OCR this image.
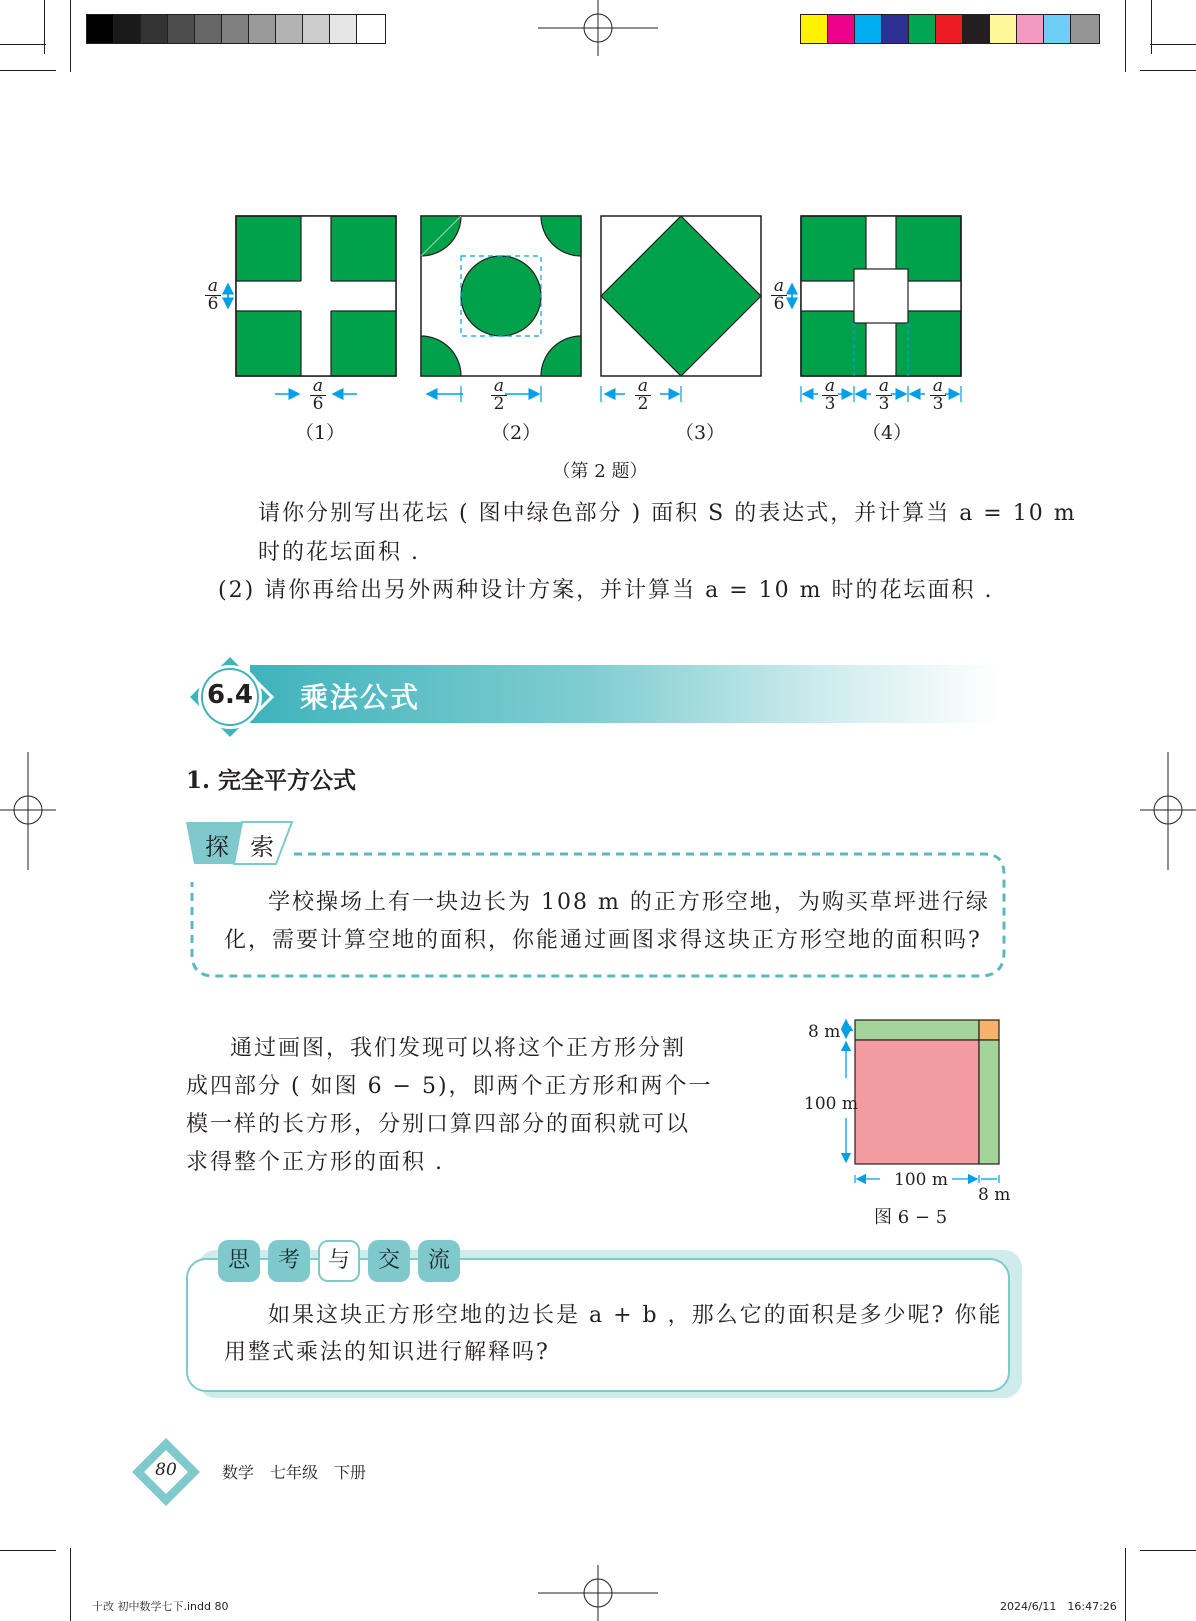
$\frac{a}{6}$
$\frac{a}{6}$	$\frac{a}{2}$	$\frac{a}{2}$
$\frac{a}{6}$
$\frac{a}{3} \frac{a}{3} \frac{a}{3}$
（1）	（2）	（3）	（4）
（第 2 题）
请你分别写出花坛 ( 图中绿色部分 ) 面积 S 的表达式，并计算当 a = 10 m
时的花坛面积 .
(2) 请你再给出另外两种设计方案，并计算当 a = 10 m 时的花坛面积 .
6.4	乘法公式
1. 完全平方公式
探 索
学校操场上有一块边长为 108 m 的正方形空地，为购买草坪进行绿
化，需要计算空地的面积，你能通过画图求得这块正方形空地的面积吗?
通过画图，我们发现可以将这个正方形分割
成四部分 ( 如图 6 − 5)，即两个正方形和两个一
模一样的长方形，分别口算四部分的面积就可以
求得整个正方形的面积 .
8 m
100 m
100 m
8 m
图 6 − 5
思	考	与	交	流
如果这块正方形空地的边长是 a + b ，那么它的面积是多少呢? 你能
用整式乘法的知识进行解释吗?
80	数学　七年级　下册
十改 初中数学七下.indd 80	2024/6/11　16:47:26
